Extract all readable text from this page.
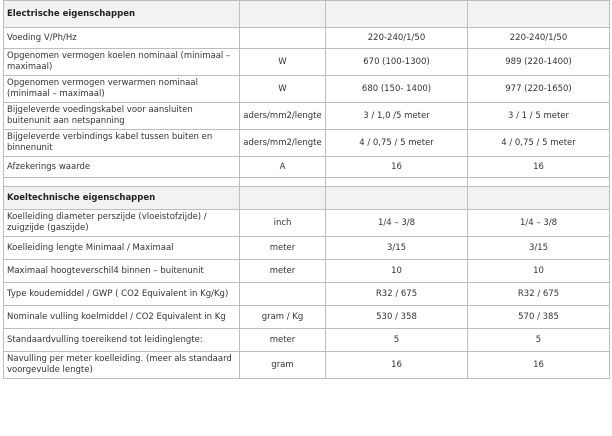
Electrische eigenschappen			
Voeding V/Ph/Hz		220-240/1/50	220-240/1/50
Opgenomen vermogen koelen nominaal (minimaal – maximaal)	W	670 (100-1300)	989 (220-1400)
Opgenomen vermogen verwarmen nominaal (minimaal – maximaal)	W	680 (150- 1400)	977 (220-1650)
Bijgeleverde voedingskabel voor aansluiten buitenunit aan netspanning	aders/mm2/lengte	3 / 1,0 /5 meter	3 / 1 / 5 meter
Bijgeleverde verbindings kabel tussen buiten en binnenunit	aders/mm2/lengte	4 / 0,75 / 5 meter	4 / 0,75 / 5 meter
Afzekerings waarde	A	16	16

Koeltechnische eigenschappen			
Koelleiding diameter perszijde (vloeistofzijde) / zuigzijde (gaszijde)	inch	1/4 – 3/8	1/4 – 3/8
Koelleiding lengte Minimaal / Maximaal	meter	3/15	3/15
Maximaal hoogteverschil4 binnen – buitenunit	meter	10	10
Type koudemiddel / GWP ( CO2 Equivalent in Kg/Kg)		R32 / 675	R32 / 675
Nominale vulling koelmiddel / CO2 Equivalent in Kg	gram / Kg	530 / 358	570 / 385
Standaardvulling toereikend tot leidinglengte:	meter	5	5
Navulling per meter koelleiding. (meer als standaard voorgevulde lengte)	gram	16	16
